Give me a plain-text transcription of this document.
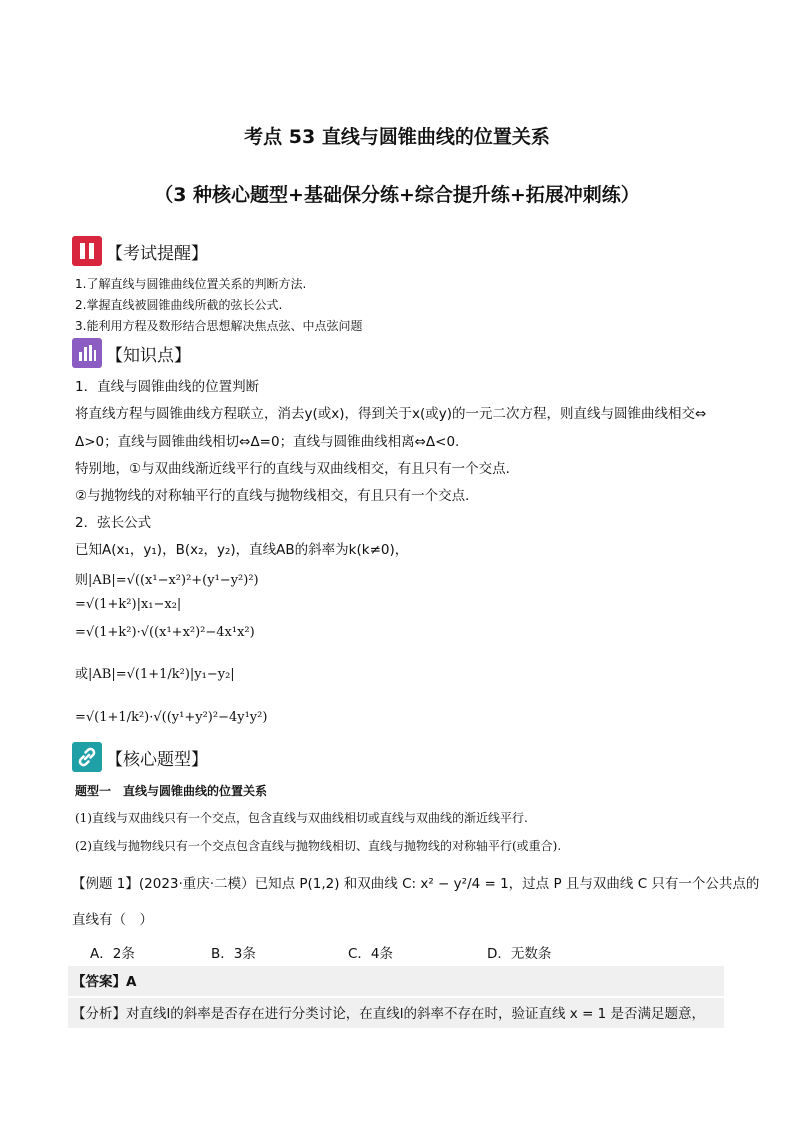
考点 53 直线与圆锥曲线的位置关系
（3 种核心题型+基础保分练+综合提升练+拓展冲刺练）
【考试提醒】
1.了解直线与圆锥曲线位置关系的判断方法.
2.掌握直线被圆锥曲线所截的弦长公式.
3.能利用方程及数形结合思想解决焦点弦、中点弦问题
【知识点】
1．直线与圆锥曲线的位置判断
将直线方程与圆锥曲线方程联立，消去y(或x)，得到关于x(或y)的一元二次方程，则直线与圆锥曲线相交⇔
Δ>0；直线与圆锥曲线相切⇔Δ=0；直线与圆锥曲线相离⇔Δ<0.
特别地，①与双曲线渐近线平行的直线与双曲线相交，有且只有一个交点．
②与抛物线的对称轴平行的直线与抛物线相交，有且只有一个交点．
2．弦长公式
已知A(x₁，y₁)，B(x₂，y₂)，直线AB的斜率为k(k≠0)，
则|AB|=√((x¹−x²)²+(y¹−y²)²)
=√(1+k²)|x₁−x₂|
=√(1+k²)·√((x¹+x²)²−4x¹x²)
或|AB|=√(1+1/k²)|y₁−y₂|
=√(1+1/k²)·√((y¹+y²)²−4y¹y²)
【核心题型】
题型一　直线与圆锥曲线的位置关系
(1)直线与双曲线只有一个交点，包含直线与双曲线相切或直线与双曲线的渐近线平行.
(2)直线与抛物线只有一个交点包含直线与抛物线相切、直线与抛物线的对称轴平行(或重合).
【例题 1】(2023·重庆·二模）已知点 P(1,2) 和双曲线 C: x² − y²/4 = 1，过点 P 且与双曲线 C 只有一个公共点的
直线有（　）
A．2条	B．3条	C．4条	D．无数条
【答案】A
【分析】对直线l的斜率是否存在进行分类讨论，在直线l的斜率不存在时，验证直线 x = 1 是否满足题意，
